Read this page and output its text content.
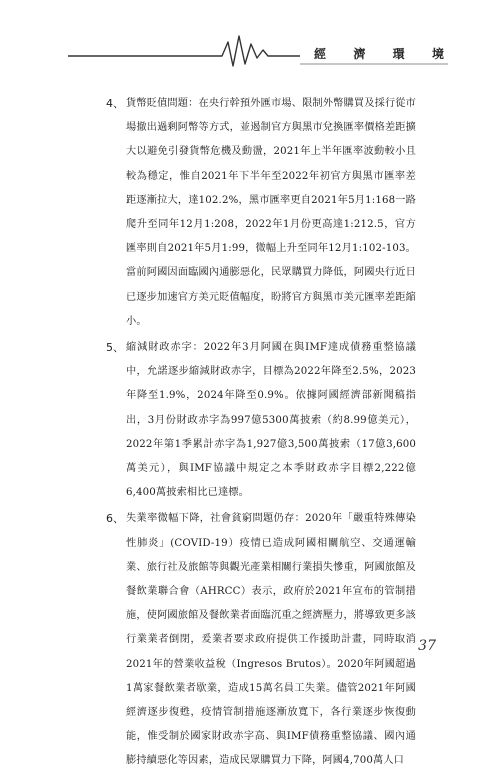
經 濟 環 境
4、 貨幣貶值問題：在央行幹預外匯市場、限制外幣購買及採行從市場撤出過剩阿幣等方式，並遏制官方與黑市兌換匯率價格差距擴大以避免引發貨幣危機及動盪，2021年上半年匯率波動較小且較為穩定，惟自2021年下半年至2022年初官方與黑市匯率差距逐漸拉大，達102.2%，黑市匯率更自2021年5月1:168一路爬升至同年12月1:208，2022年1月份更高達1:212.5，官方匯率則自2021年5月1:99，微幅上升至同年12月1:102-103。當前阿國因面臨國內通膨惡化，民眾購買力降低，阿國央行近日已逐步加速官方美元貶值幅度，盼將官方與黑市美元匯率差距縮小。

5、 縮減財政赤字：2022年3月阿國在與IMF達成債務重整協議中，允諾逐步縮減財政赤字，目標為2022年降至2.5%，2023年降至1.9%，2024年降至0.9%。依據阿國經濟部新聞稿指出，3月份財政赤字為997億5300萬披索（約8.99億美元），2022年第1季累計赤字為1,927億3,500萬披索（17億3,600萬美元），與IMF協議中規定之本季財政赤字目標2,222億6,400萬披索相比已達標。

6、 失業率微幅下降，社會貧窮問題仍存：2020年「嚴重特殊傳染性肺炎」(COVID-19）疫情已造成阿國相關航空、交通運輸業、旅行社及旅館等與觀光產業相關行業損失慘重，阿國旅館及餐飲業聯合會（AHRCC）表示，政府於2021年宣布的管制措施，使阿國旅館及餐飲業者面臨沉重之經濟壓力，將導致更多該行業業者倒閉，爰業者要求政府提供工作援助計畫，同時取消2021年的營業收益稅（Ingresos Brutos）。2020年阿國超過1萬家餐飲業者歇業，造成15萬名員工失業。儘管2021年阿國經濟逐步復甦，疫情管制措施逐漸放寬下，各行業逐步恢復動能，惟受制於國家財政赤字高、與IMF債務重整協議、國內通膨持續惡化等因素，造成民眾購買力下降，阿國4,700萬人口

37
